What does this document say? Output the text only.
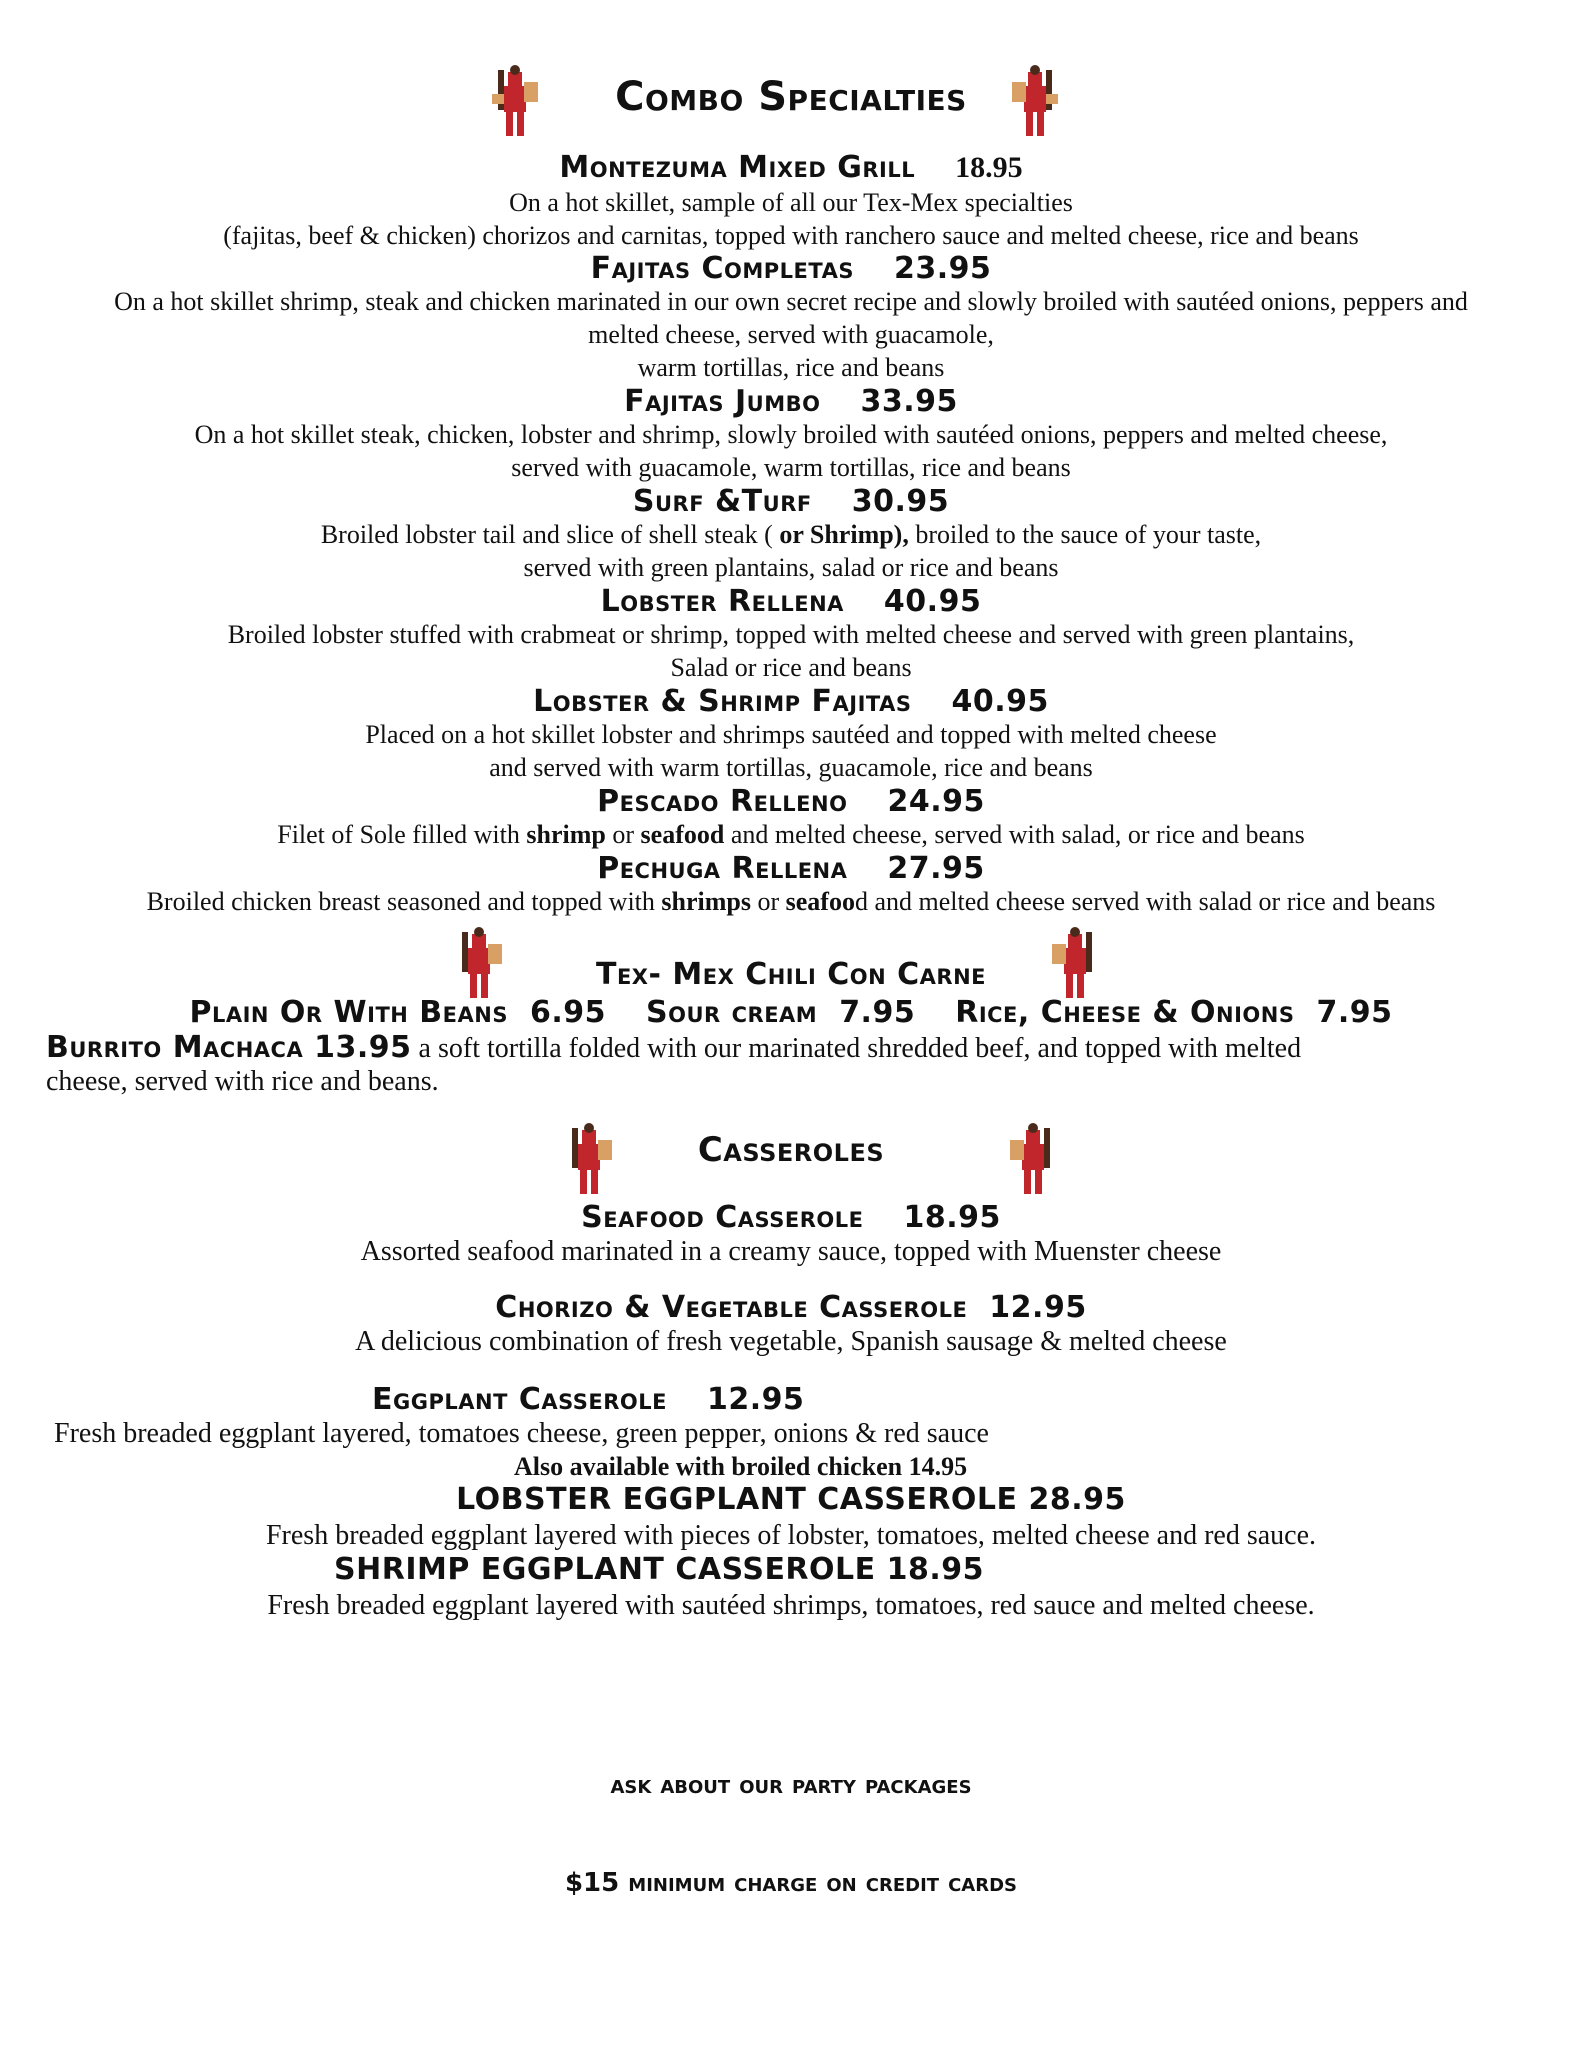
Combo Specialties
Montezuma Mixed Grill 18.95
On a hot skillet, sample of all our Tex-Mex specialties
(fajitas, beef & chicken) chorizos and carnitas, topped with ranchero sauce and melted cheese, rice and beans
Fajitas Completas 23.95
On a hot skillet shrimp, steak and chicken marinated in our own secret recipe and slowly broiled with sautéed onions, peppers and
melted cheese, served with guacamole,
warm tortillas, rice and beans
Fajitas Jumbo 33.95
On a hot skillet steak, chicken, lobster and shrimp, slowly broiled with sautéed onions, peppers and melted cheese,
served with guacamole, warm tortillas, rice and beans
Surf &Turf 30.95
Broiled lobster tail and slice of shell steak ( or Shrimp), broiled to the sauce of your taste,
served with green plantains, salad or rice and beans
Lobster Rellena 40.95
Broiled lobster stuffed with crabmeat or shrimp, topped with melted cheese and served with green plantains,
Salad or rice and beans
Lobster & Shrimp Fajitas 40.95
Placed on a hot skillet lobster and shrimps sautéed and topped with melted cheese
and served with warm tortillas, guacamole, rice and beans
Pescado Relleno 24.95
Filet of Sole filled with shrimp or seafood and melted cheese, served with salad, or rice and beans
Pechuga Rellena 27.95
Broiled chicken breast seasoned and topped with shrimps or seafood and melted cheese served with salad or rice and beans
Tex- Mex Chili Con Carne
Plain Or With Beans 6.95 Sour cream 7.95 Rice, Cheese & Onions 7.95
Burrito Machaca 13.95 a soft tortilla folded with our marinated shredded beef, and topped with melted
cheese, served with rice and beans.
Casseroles
Seafood Casserole 18.95
Assorted seafood marinated in a creamy sauce, topped with Muenster cheese
Chorizo & Vegetable Casserole 12.95
A delicious combination of fresh vegetable, Spanish sausage & melted cheese
Eggplant Casserole 12.95
Fresh breaded eggplant layered, tomatoes cheese, green pepper, onions & red sauce
Also available with broiled chicken 14.95
LOBSTER EGGPLANT CASSEROLE 28.95
Fresh breaded eggplant layered with pieces of lobster, tomatoes, melted cheese and red sauce.
SHRIMP EGGPLANT CASSEROLE 18.95
Fresh breaded eggplant layered with sautéed shrimps, tomatoes, red sauce and melted cheese.
ask about our party packages
$15 minimum charge on credit cards
